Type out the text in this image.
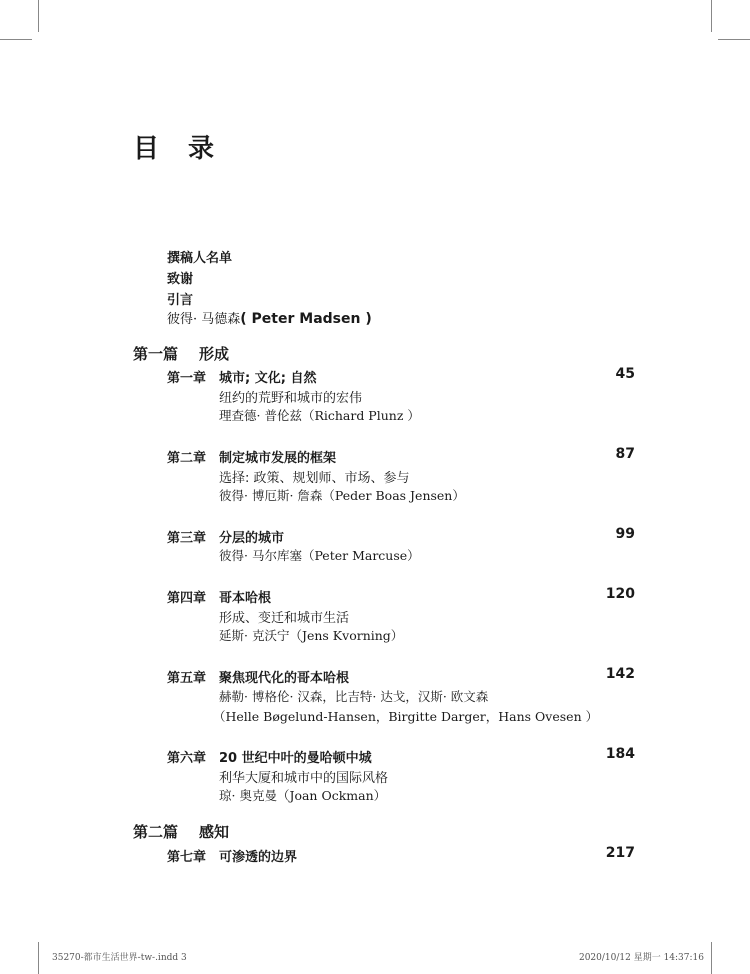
目 录
撰稿人名单
致谢
引言
彼得· 马德森( Peter Madsen )
第一篇 形成
第一章 城市; 文化; 自然	45
纽约的荒野和城市的宏伟
理查德· 普伦兹（Richard Plunz ）
第二章 制定城市发展的框架	87
选择: 政策、规划师、市场、参与
彼得· 博厄斯· 詹森（Peder Boas Jensen）
第三章 分层的城市	99
彼得· 马尔库塞（Peter Marcuse）
第四章 哥本哈根	120
形成、变迁和城市生活
延斯· 克沃宁（Jens Kvorning）
第五章 聚焦现代化的哥本哈根	142
赫勒· 博格伦· 汉森，比吉特· 达戈，汉斯· 欧文森
（Helle Bøgelund-Hansen，Birgitte Darger，Hans Ovesen ）
第六章 20 世纪中叶的曼哈顿中城	184
利华大厦和城市中的国际风格
琼· 奥克曼（Joan Ockman）
第二篇 感知
第七章 可渗透的边界	217
35270-都市生活世界-tw-.indd 3	2020/10/12 星期一 14:37:16
